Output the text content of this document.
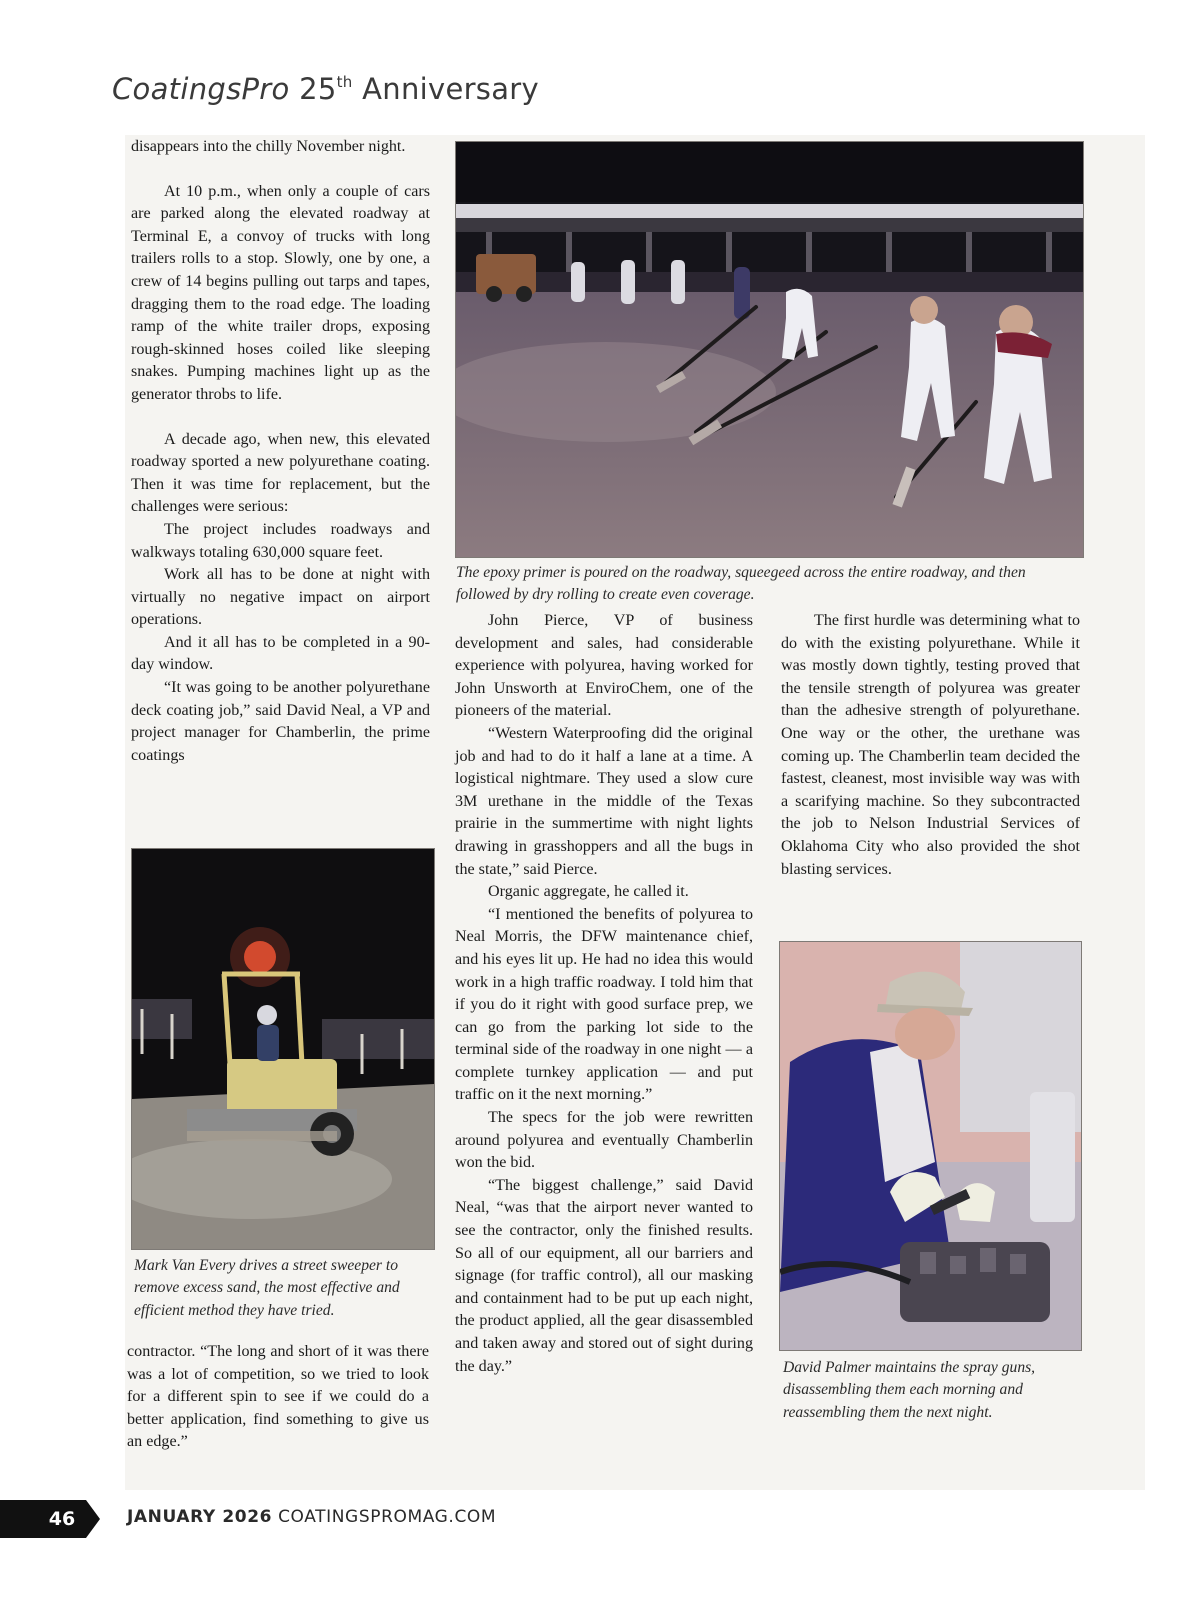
CoatingsPro 25th Anniversary

disappears into the chilly November night.

At 10 p.m., when only a couple of cars are parked along the elevated roadway at Terminal E, a convoy of trucks with long trailers rolls to a stop. Slowly, one by one, a crew of 14 begins pulling out tarps and tapes, dragging them to the road edge. The loading ramp of the white trailer drops, exposing rough-skinned hoses coiled like sleeping snakes. Pumping machines light up as the generator throbs to life.

A decade ago, when new, this elevated roadway sported a new polyurethane coating. Then it was time for replacement, but the challenges were serious:

The project includes roadways and walkways totaling 630,000 square feet.

Work all has to be done at night with virtually no negative impact on airport operations.

And it all has to be completed in a 90-day window.

“It was going to be another polyurethane deck coating job,” said David Neal, a VP and project manager for Chamberlin, the prime coatings

The epoxy primer is poured on the roadway, squeegeed across the entire roadway, and then followed by dry rolling to create even coverage.

John Pierce, VP of business development and sales, had considerable experience with polyurea, having worked for John Unsworth at EnviroChem, one of the pioneers of the material.

“Western Waterproofing did the original job and had to do it half a lane at a time. A logistical nightmare. They used a slow cure 3M urethane in the middle of the Texas prairie in the summertime with night lights drawing in grasshoppers and all the bugs in the state,” said Pierce.

Organic aggregate, he called it.

“I mentioned the benefits of polyurea to Neal Morris, the DFW maintenance chief, and his eyes lit up. He had no idea this would work in a high traffic roadway. I told him that if you do it right with good surface prep, we can go from the parking lot side to the terminal side of the roadway in one night — a complete turnkey application — and put traffic on it the next morning.”

The specs for the job were rewritten around polyurea and eventually Chamberlin won the bid.

“The biggest challenge,” said David Neal, “was that the airport never wanted to see the contractor, only the finished results. So all of our equipment, all our barriers and signage (for traffic control), all our masking and containment had to be put up each night, the product applied, all the gear disassembled and taken away and stored out of sight during the day.”

The first hurdle was determining what to do with the existing polyurethane. While it was mostly down tightly, testing proved that the tensile strength of polyurea was greater than the adhesive strength of polyurethane. One way or the other, the urethane was coming up. The Chamberlin team decided the fastest, cleanest, most invisible way was with a scarifying machine. So they subcontracted the job to Nelson Industrial Services of Oklahoma City who also provided the shot blasting services.

Mark Van Every drives a street sweeper to remove excess sand, the most effective and efficient method they have tried.

contractor. “The long and short of it was there was a lot of competition, so we tried to look for a different spin to see if we could do a better application, find something to give us an edge.”

David Palmer maintains the spray guns, disassembling them each morning and reassembling them the next night.
46	JANUARY 2026 COATINGSPROMAG.COM
